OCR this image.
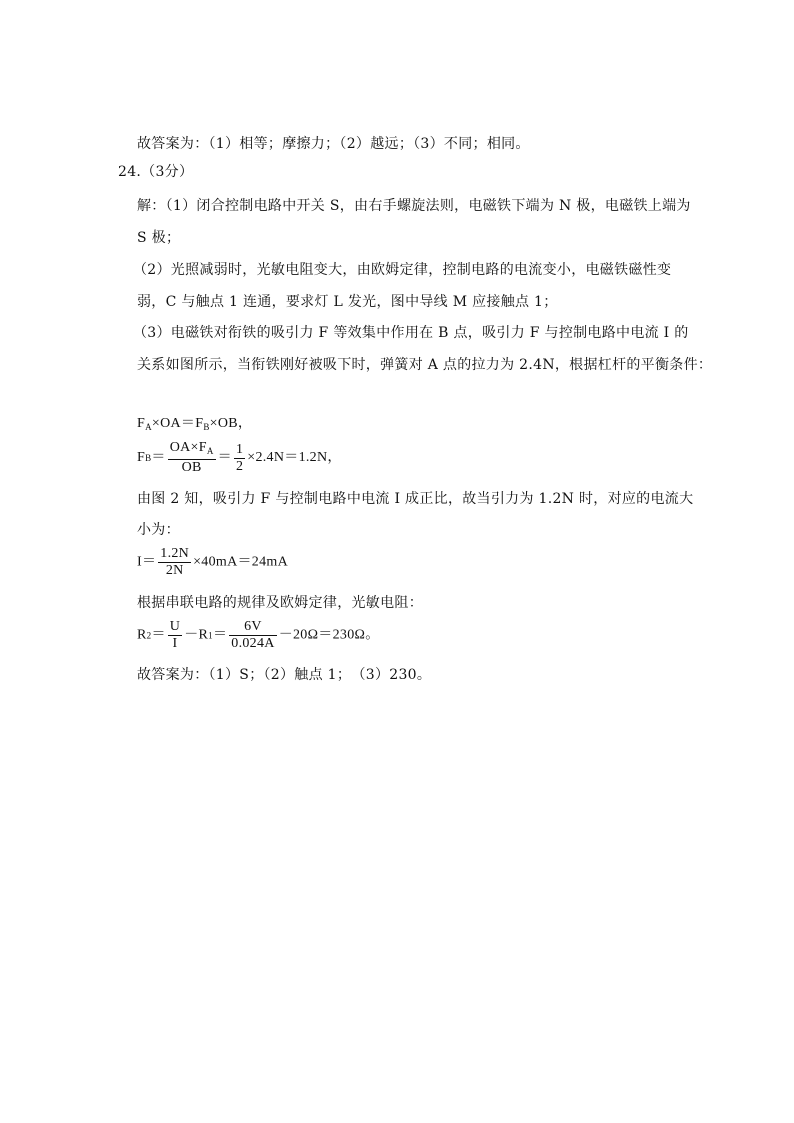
故答案为：（1）相等；摩擦力；（2）越远；（3）不同；相同。
24.（3分）
解：（1）闭合控制电路中开关 S，由右手螺旋法则，电磁铁下端为 N 极，电磁铁上端为
S 极；
（2）光照减弱时，光敏电阻变大，由欧姆定律，控制电路的电流变小，电磁铁磁性变
弱，C 与触点 1 连通，要求灯 L 发光，图中导线 M 应接触点 1；
（3）电磁铁对衔铁的吸引力 F 等效集中作用在 B 点，吸引力 F 与控制电路中电流 I 的
关系如图所示，当衔铁刚好被吸下时，弹簧对 A 点的拉力为 2.4N，根据杠杆的平衡条件：
$F_A\times OA=F_B\times OB$，
$FB= \frac{OA\times F_A}{OB} = \frac{1}{2} \times 2.4N=1.2N$，
由图 2 知，吸引力 F 与控制电路中电流 I 成正比，故当引力为 1.2N 时，对应的电流大
小为：
$I= \frac{1.2N}{2N} \times 40mA=24mA$
根据串联电路的规律及欧姆定律，光敏电阻：
$R2= \frac{U}{I} -R1= \frac{6V}{0.024A} -20\Omega=230\Omega$。
故答案为：（1）S；（2）触点 1；　（3）230。
